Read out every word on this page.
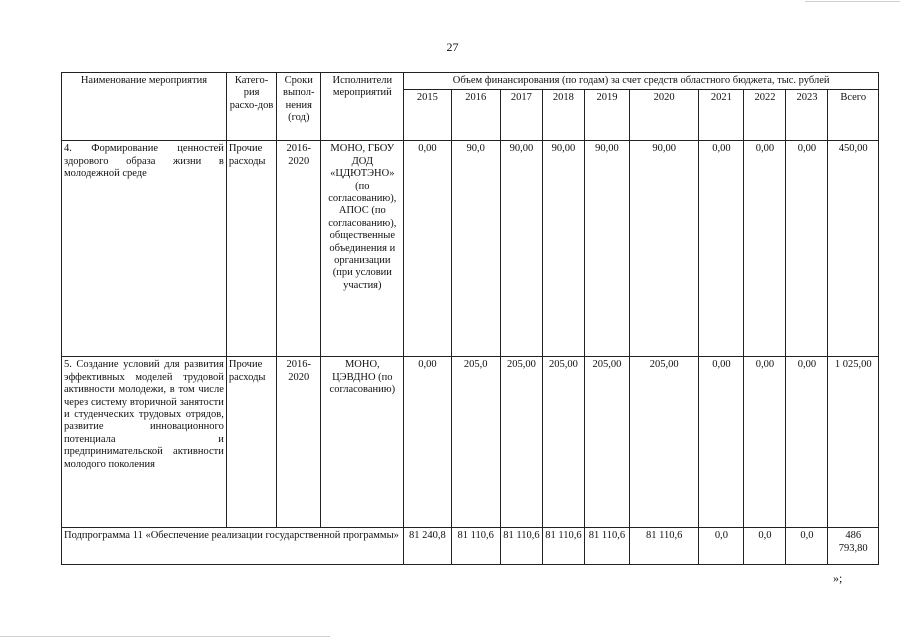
27
Наименование мероприятия	Катего-рия расхо-дов	Сроки выпол-нения (год)	Исполнители мероприятий	Объем финансирования (по годам) за счет средств областного бюджета, тыс. рублей									
				2015	2016	2017	2018	2019	2020	2021	2022	2023	Всего
4. Формирование ценностей здорового образа жизни в молодежной среде	Прочие расходы	2016-2020	МОНО, ГБОУ ДОД «ЦДЮТЭНО» (по согласованию), АПОС (по согласованию), общественные объединения и организации (при условии участия)	0,00	90,0	90,00	90,00	90,00	90,00	0,00	0,00	0,00	450,00
5. Создание условий для развития эффективных моделей трудовой активности молодежи, в том числе через систему вторичной занятости и студенческих трудовых отрядов, развитие инновационного потенциала и предпринимательской активности молодого поколения	Прочие расходы	2016-2020	МОНО, ЦЭВДНО (по согласованию)	0,00	205,0	205,00	205,00	205,00	205,00	0,00	0,00	0,00	1 025,00
Подпрограмма 11 «Обеспечение реализации государственной программы»				81 240,8	81 110,6	81 110,6	81 110,6	81 110,6	81 110,6	0,0	0,0	0,0	486 793,80
»;
